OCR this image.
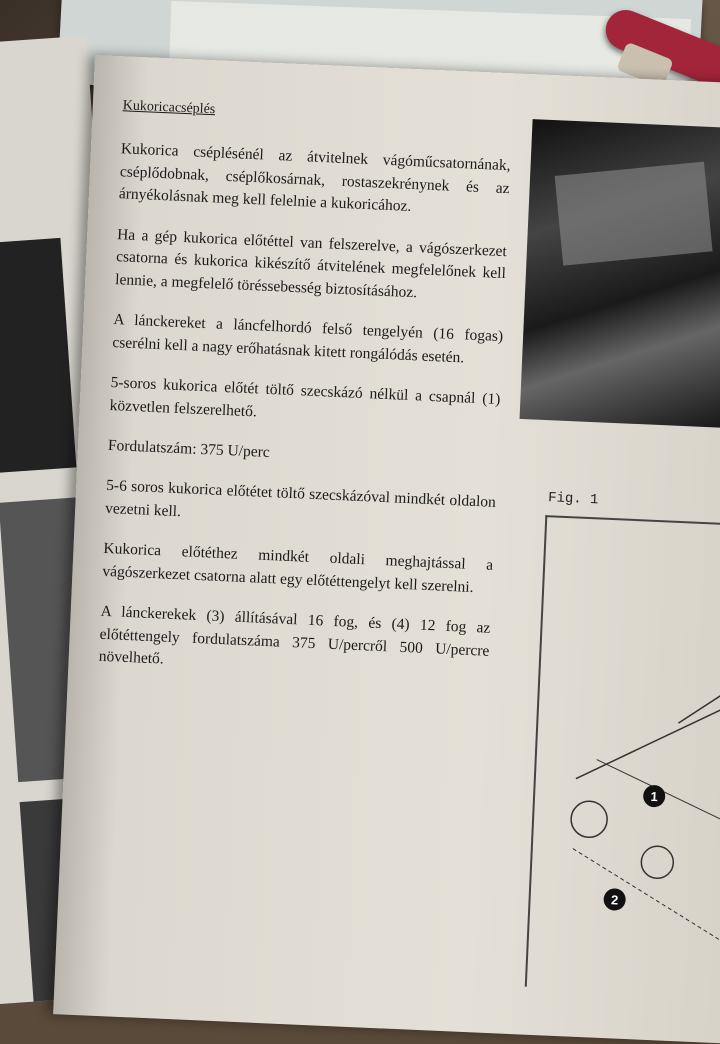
Kukoricacséplés

Kukorica cséplésénél az átvitelnek vágóműcsatornának, cséplődobnak, cséplőkosárnak, rostaszekrénynek és az árnyékolásnak meg kell felelnie a kukoricához.

Ha a gép kukorica előtéttel van felszerelve, a vágószerkezet csatorna és kukorica kikészítő átvitelének megfelelőnek kell lennie, a megfelelő töréssebesség biztosításához.

A lánckereket a láncfelhordó felső tengelyén (16 fogas) cserélni kell a nagy erőhatásnak kitett rongálódás esetén.

5-soros kukorica előtét töltő szecskázó nélkül a csapnál (1) közvetlen felszerelhető.

Fordulatszám: 375 U/perc

5-6 soros kukorica előtétet töltő szecskázóval mindkét oldalon vezetni kell.

Kukorica előtéthez mindkét oldali meghajtással a vágószerkezet csatorna alatt egy előtéttengelyt kell szerelni.

A lánckerekek (3) állításával 16 fog, és (4) 12 fog az előtéttengely fordulatszáma 375 U/percről 500 U/percre növelhető.

Fig. 1
1
2
